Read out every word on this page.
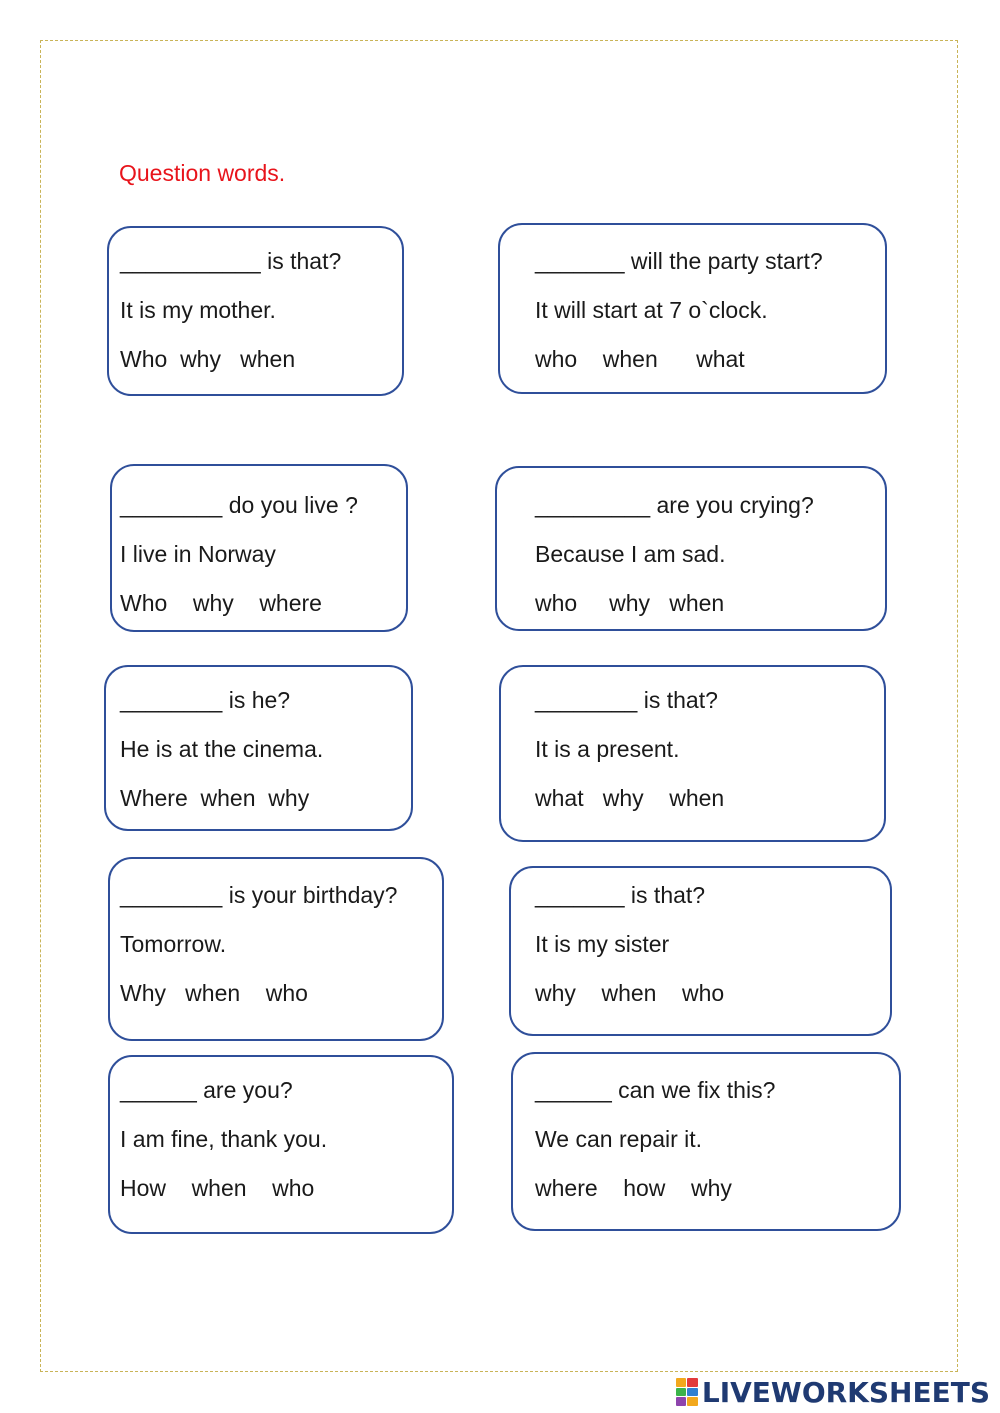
Question words.
___________ is that?
It is my mother.
Who  why   when
_______ will the party start?
It will start at 7 o`clock.
who    when      what
________ do you live ?
I live in Norway
Who    why    where
_________ are you crying?
Because I am sad.
who     why   when
________ is he?
He is at the cinema.
Where  when  why
________ is that?
It is a present.
what   why    when
________ is your birthday?
Tomorrow.
Why   when    who
_______ is that?
It is my sister
why    when    who
______ are you?
I am fine, thank you.
How    when    who
______ can we fix this?
We can repair it.
where    how    why
LIVEWORKSHEETS
